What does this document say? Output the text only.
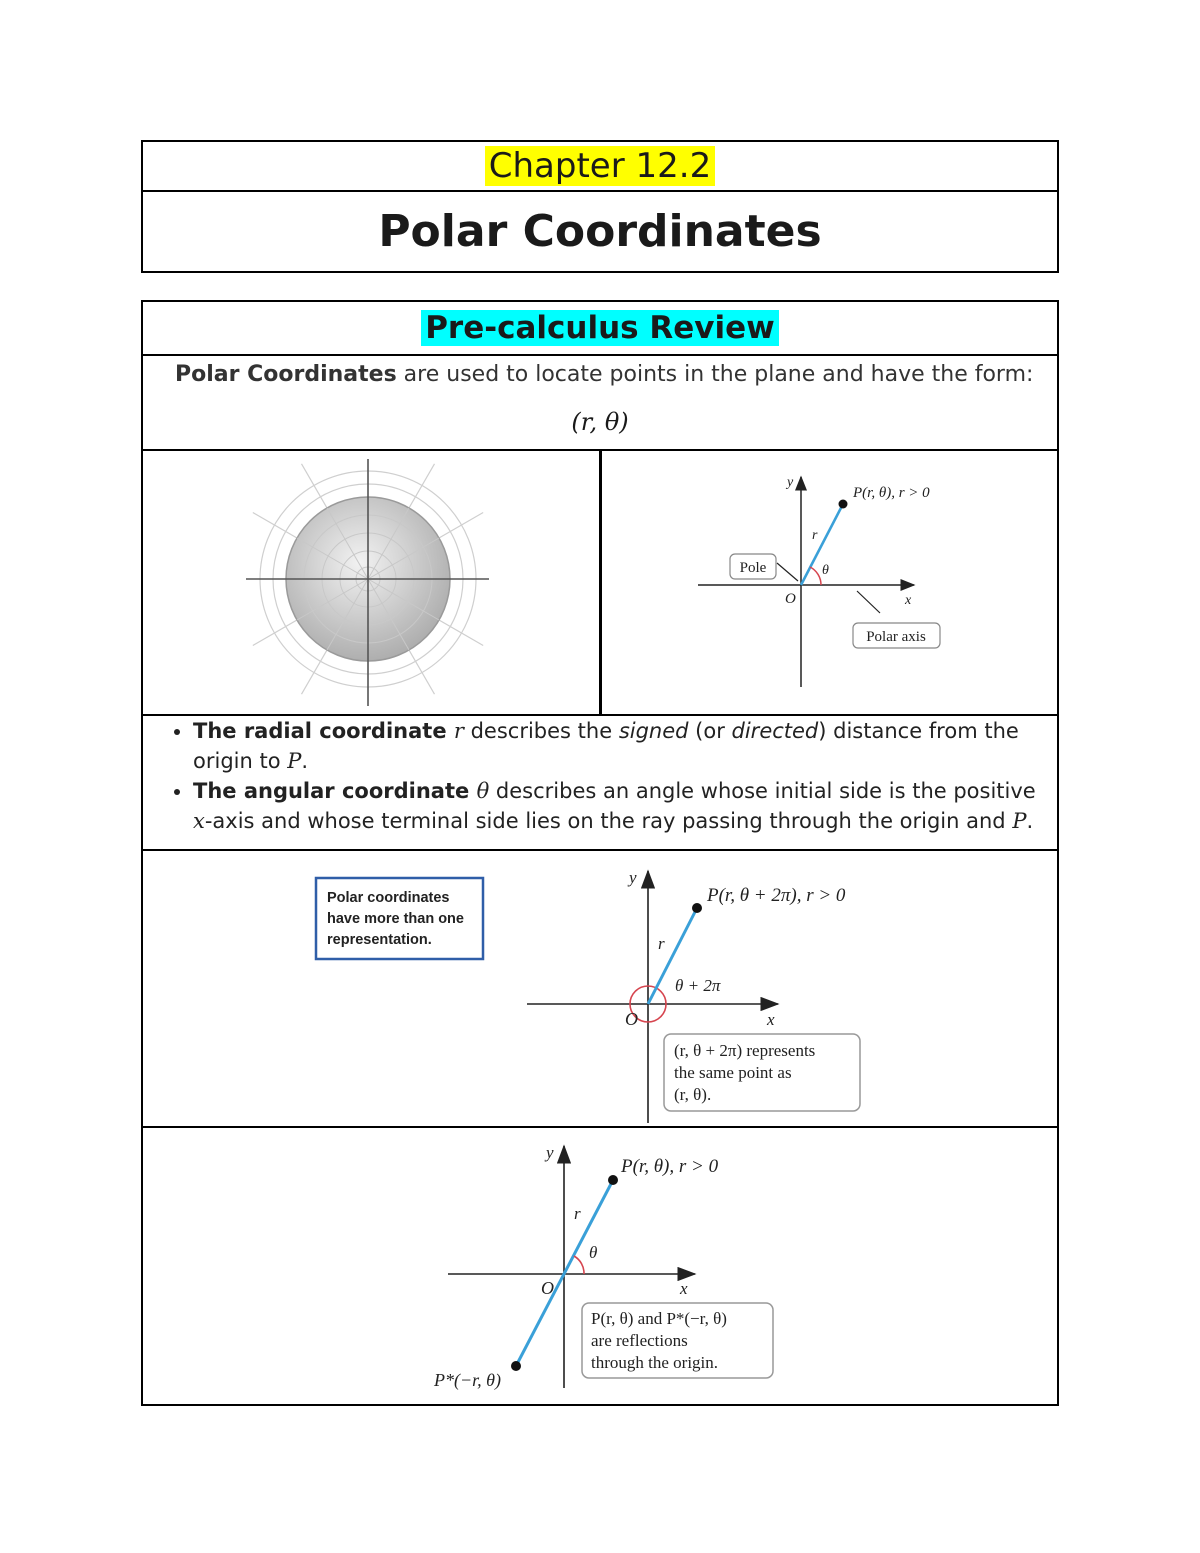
Chapter 12.2
Polar Coordinates
Pre-calculus Review
Polar Coordinates are used to locate points in the plane and have the form:
(r, θ)
Pole
Polar axis
P(r, θ), r > 0
y
x
r
θ
O
• The radial coordinate r describes the signed (or directed) distance from the origin to P.
• The angular coordinate θ describes an angle whose initial side is the positive x-axis and whose terminal side lies on the ray passing through the origin and P.
Polar coordinates
have more than one
representation.
P(r, θ + 2π), r > 0
θ + 2π
y
x
r
O
(r, θ + 2π) represents
the same point as
(r, θ).
P(r, θ), r > 0
P*(−r, θ)
y
x
r
θ
O
P(r, θ) and P*(−r, θ)
are reflections
through the origin.
